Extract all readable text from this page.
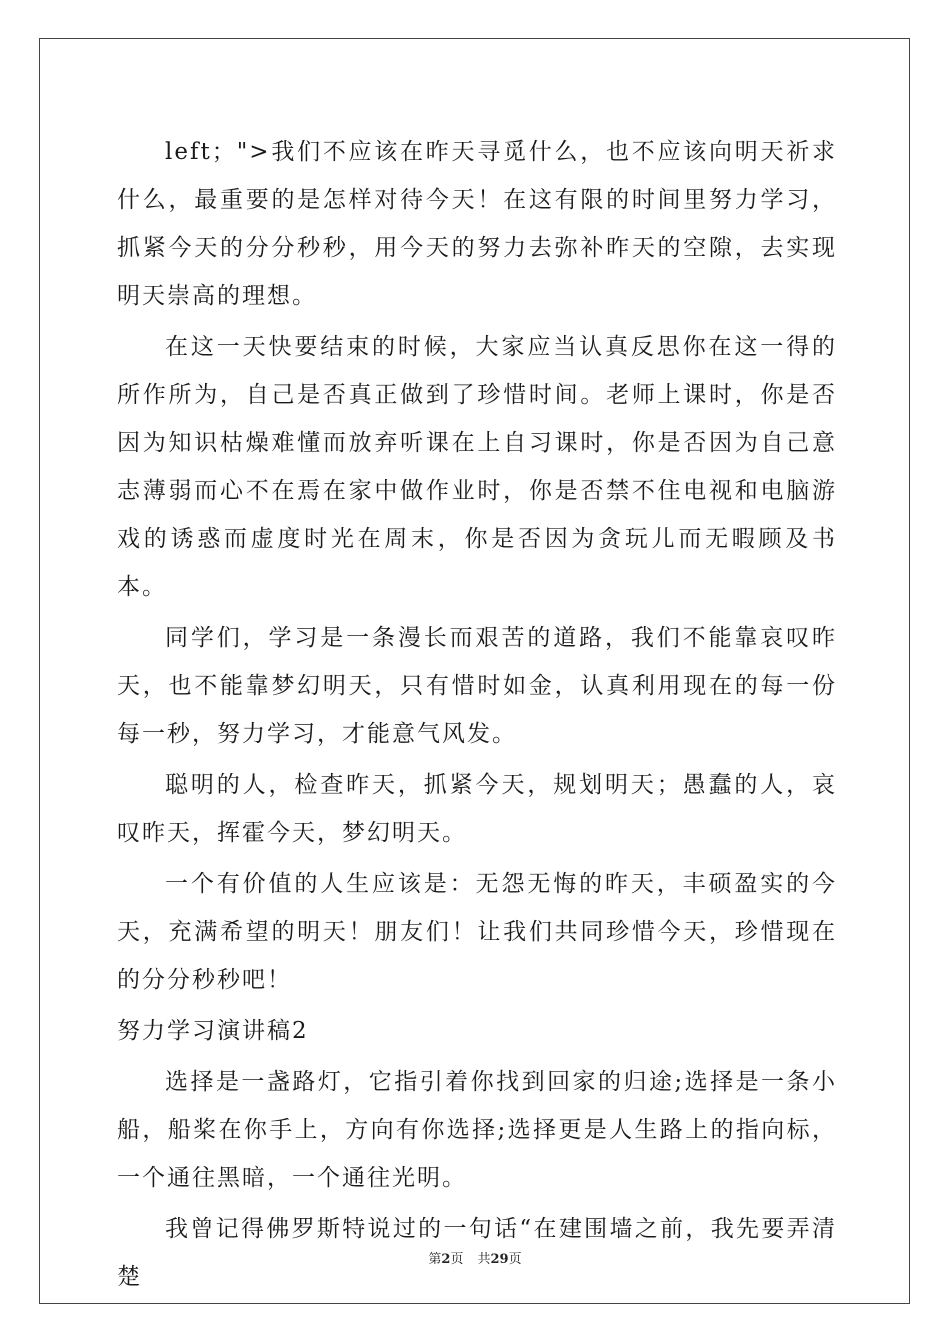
left；">我们不应该在昨天寻觅什么，也不应该向明天祈求什么，最重要的是怎样对待今天！在这有限的时间里努力学习，抓紧今天的分分秒秒，用今天的努力去弥补昨天的空隙，去实现明天崇高的理想。

在这一天快要结束的时候，大家应当认真反思你在这一得的所作所为，自己是否真正做到了珍惜时间。老师上课时，你是否因为知识枯燥难懂而放弃听课在上自习课时，你是否因为自己意志薄弱而心不在焉在家中做作业时，你是否禁不住电视和电脑游戏的诱惑而虚度时光在周末，你是否因为贪玩儿而无暇顾及书本。

同学们，学习是一条漫长而艰苦的道路，我们不能靠哀叹昨天，也不能靠梦幻明天，只有惜时如金，认真利用现在的每一份每一秒，努力学习，才能意气风发。

聪明的人，检查昨天，抓紧今天，规划明天；愚蠢的人，哀叹昨天，挥霍今天，梦幻明天。

一个有价值的人生应该是：无怨无悔的昨天，丰硕盈实的今天，充满希望的明天！朋友们！让我们共同珍惜今天，珍惜现在的分分秒秒吧！

努力学习演讲稿2

选择是一盏路灯，它指引着你找到回家的归途;选择是一条小船，船桨在你手上，方向有你选择;选择更是人生路上的指向标，一个通往黑暗，一个通往光明。

我曾记得佛罗斯特说过的一句话“在建围墙之前，我先要弄清楚

第2页 共29页
